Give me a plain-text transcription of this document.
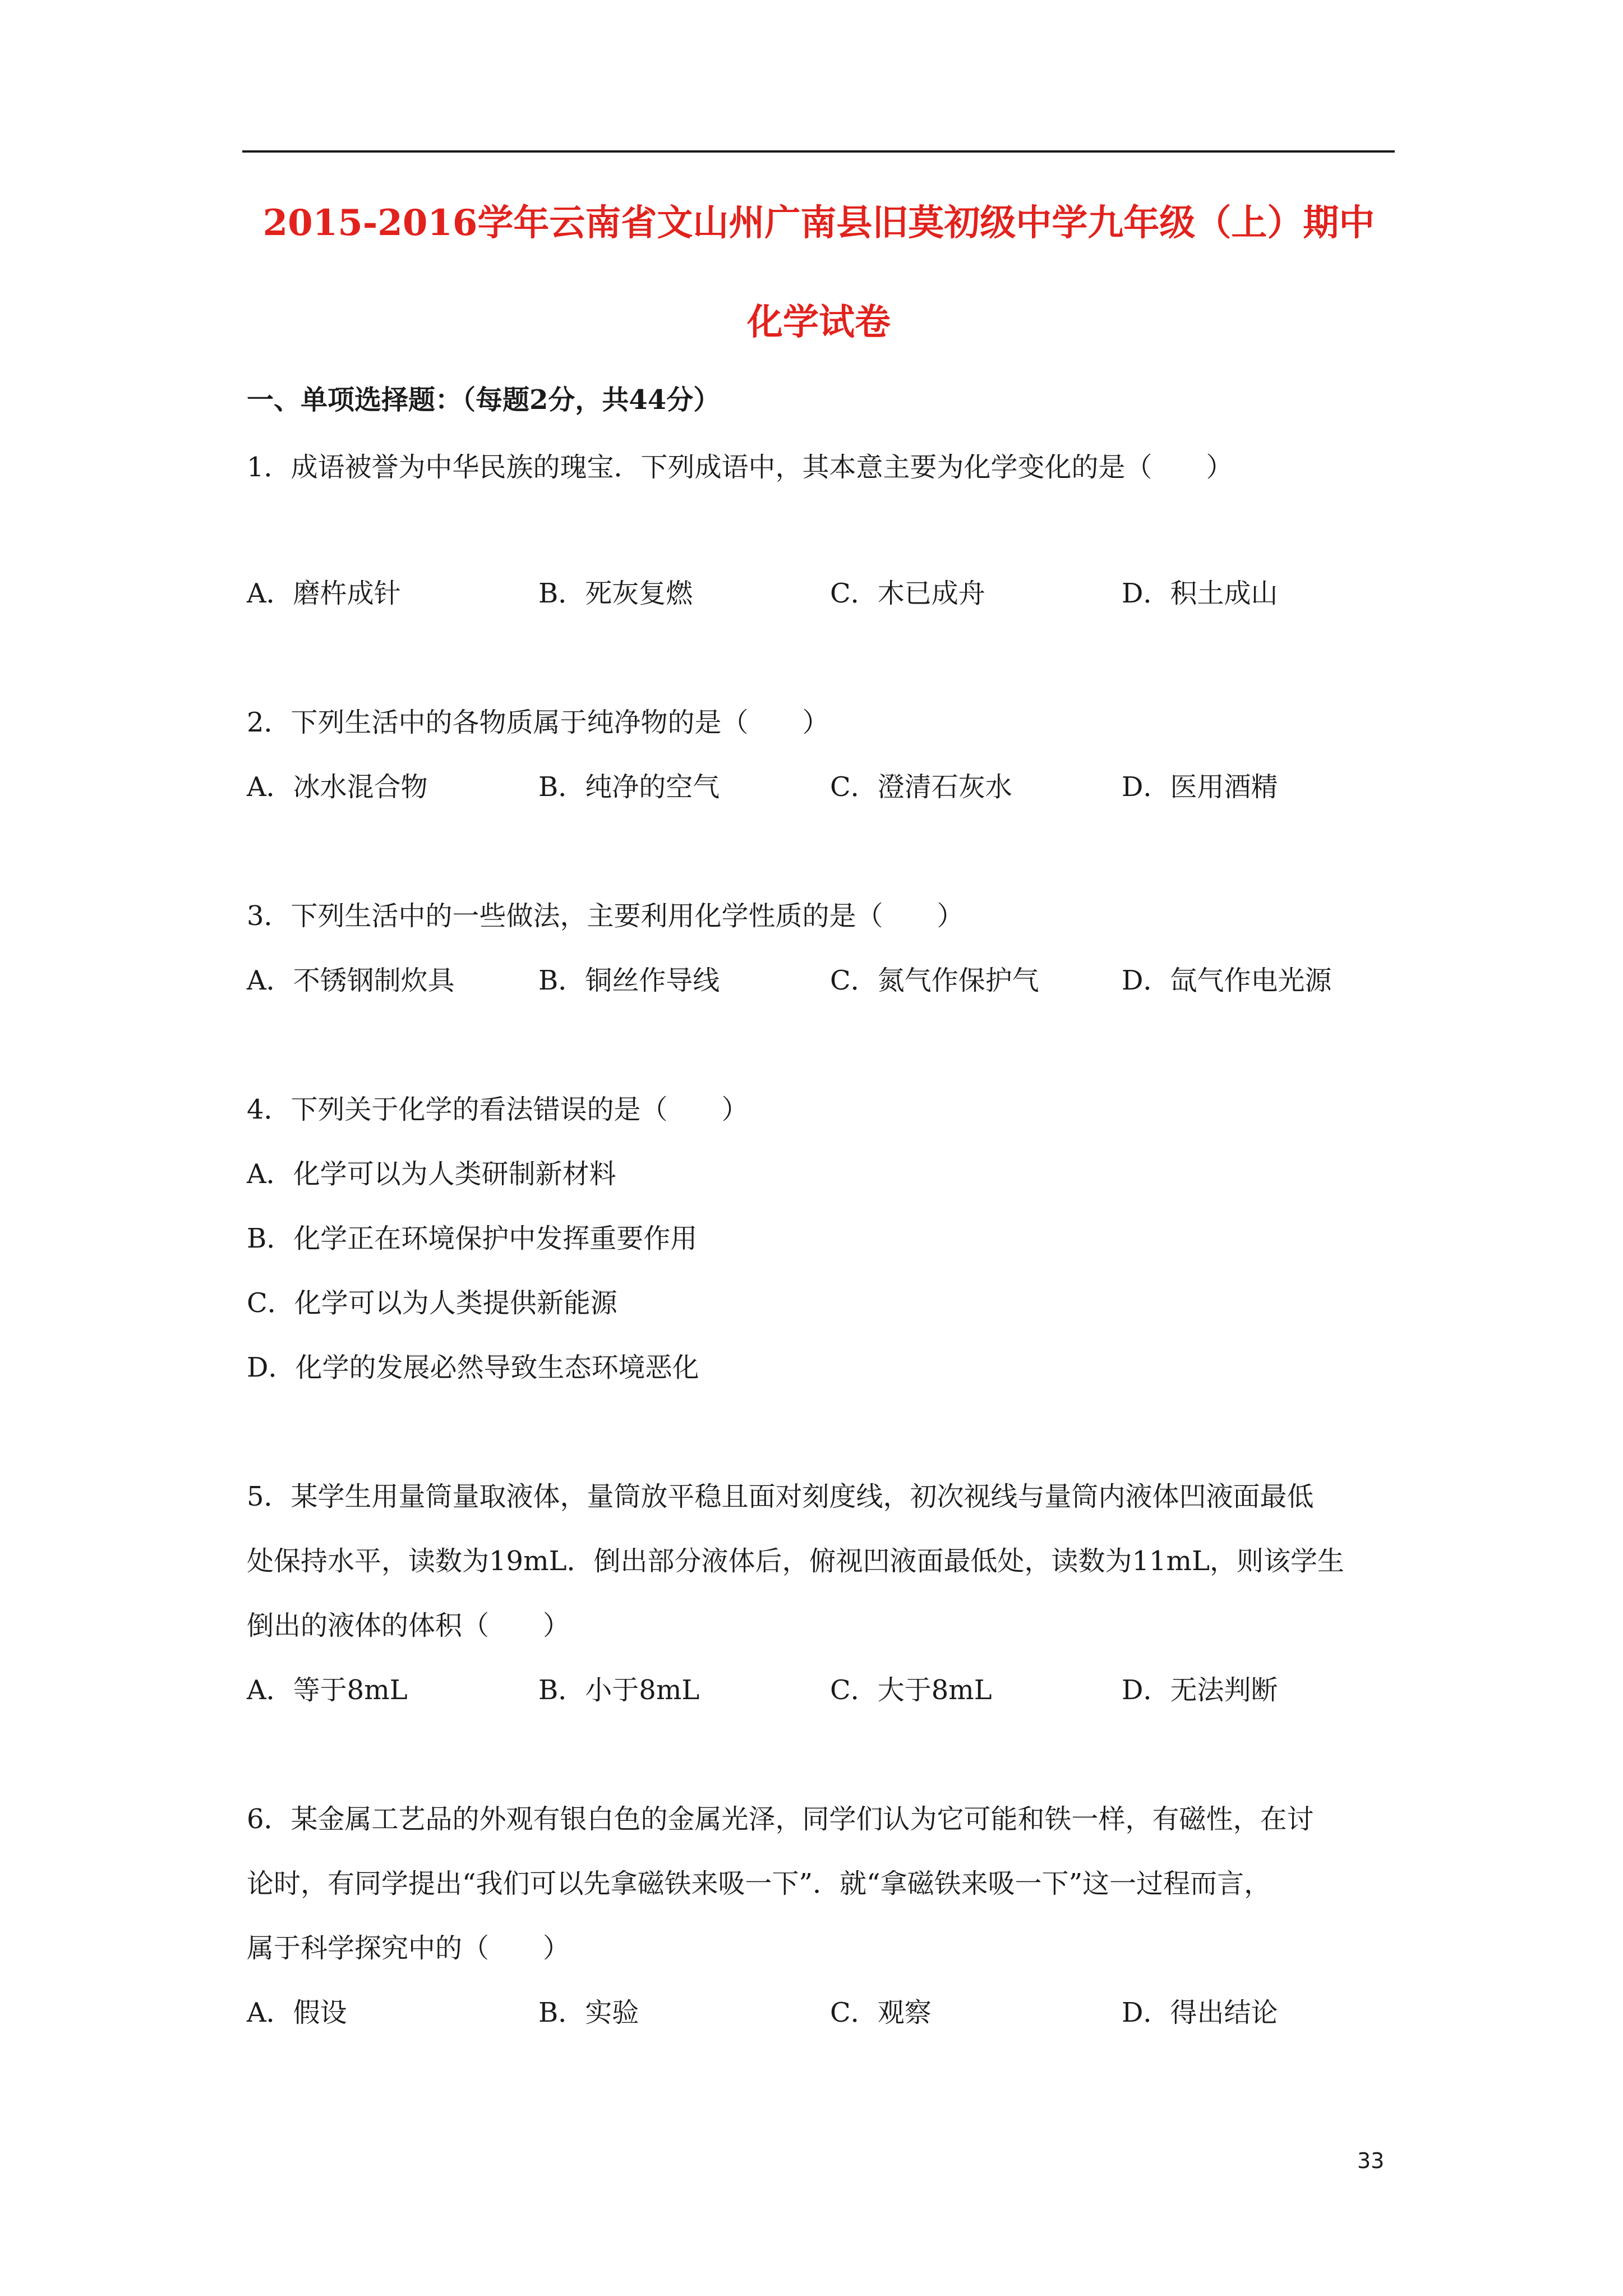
2015-2016学年云南省文山州广南县旧莫初级中学九年级（上）期中
化学试卷
一、单项选择题：（每题2分，共44分）
1．成语被誉为中华民族的瑰宝．下列成语中，其本意主要为化学变化的是（　　）
A．磨杵成针	B．死灰复燃	C．木已成舟	D．积土成山
2．下列生活中的各物质属于纯净物的是（　　）
A．冰水混合物	B．纯净的空气	C．澄清石灰水	D．医用酒精
3．下列生活中的一些做法，主要利用化学性质的是（　　）
A．不锈钢制炊具	B．铜丝作导线	C．氮气作保护气	D．氙气作电光源
4．下列关于化学的看法错误的是（　　）
A．化学可以为人类研制新材料
B．化学正在环境保护中发挥重要作用
C．化学可以为人类提供新能源
D．化学的发展必然导致生态环境恶化
5．某学生用量筒量取液体，量筒放平稳且面对刻度线，初次视线与量筒内液体凹液面最低
处保持水平，读数为19mL．倒出部分液体后，俯视凹液面最低处，读数为11mL，则该学生
倒出的液体的体积（　　）
A．等于8mL	B．小于8mL	C．大于8mL	D．无法判断
6．某金属工艺品的外观有银白色的金属光泽，同学们认为它可能和铁一样，有磁性，在讨
论时，有同学提出“我们可以先拿磁铁来吸一下”．就“拿磁铁来吸一下”这一过程而言，
属于科学探究中的（　　）
A．假设	B．实验	C．观察	D．得出结论
33
